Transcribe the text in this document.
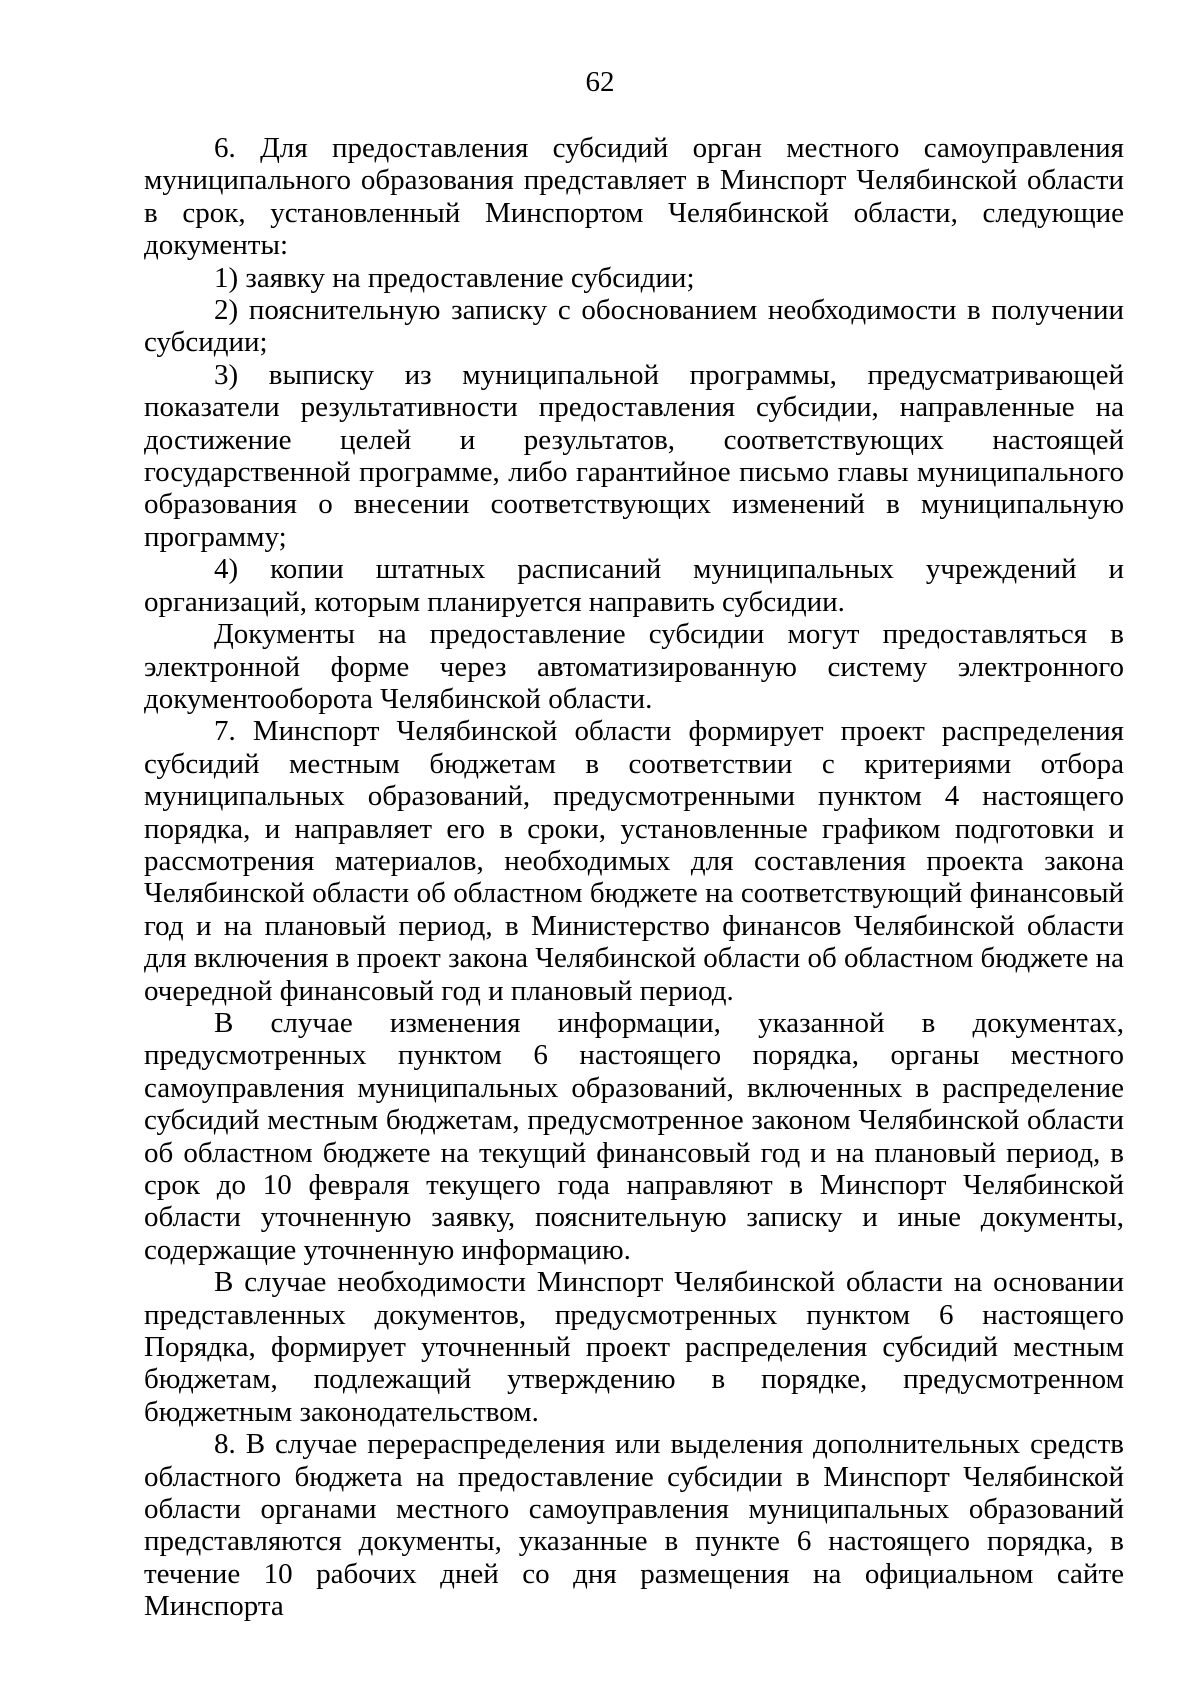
62

6. Для предоставления субсидий орган местного самоуправления муниципального образования представляет в Минспорт Челябинской области в срок, установленный Минспортом Челябинской области, следующие документы:

1) заявку на предоставление субсидии;

2) пояснительную записку с обоснованием необходимости в получении субсидии;

3) выписку из муниципальной программы, предусматривающей показатели результативности предоставления субсидии, направленные на достижение целей и результатов, соответствующих настоящей государственной программе, либо гарантийное письмо главы муниципального образования о внесении соответствующих изменений в муниципальную программу;

4) копии штатных расписаний муниципальных учреждений и организаций, которым планируется направить субсидии.

Документы на предоставление субсидии могут предоставляться в электронной форме через автоматизированную систему электронного документооборота Челябинской области.

7. Минспорт Челябинской области формирует проект распределения субсидий местным бюджетам в соответствии с критериями отбора муниципальных образований, предусмотренными пунктом 4 настоящего порядка, и направляет его в сроки, установленные графиком подготовки и рассмотрения материалов, необходимых для составления проекта закона Челябинской области об областном бюджете на соответствующий финансовый год и на плановый период, в Министерство финансов Челябинской области для включения в проект закона Челябинской области об областном бюджете на очередной финансовый год и плановый период.

В случае изменения информации, указанной в документах, предусмотренных пунктом 6 настоящего порядка, органы местного самоуправления муниципальных образований, включенных в распределение субсидий местным бюджетам, предусмотренное законом Челябинской области об областном бюджете на текущий финансовый год и на плановый период, в срок до 10 февраля текущего года направляют в Минспорт Челябинской области уточненную заявку, пояснительную записку и иные документы, содержащие уточненную информацию.

В случае необходимости Минспорт Челябинской области на основании представленных документов, предусмотренных пунктом 6 настоящего Порядка, формирует уточненный проект распределения субсидий местным бюджетам, подлежащий утверждению в порядке, предусмотренном бюджетным законодательством.

8. В случае перераспределения или выделения дополнительных средств областного бюджета на предоставление субсидии в Минспорт Челябинской области органами местного самоуправления муниципальных образований представляются документы, указанные в пункте 6 настоящего порядка, в течение 10 рабочих дней со дня размещения на официальном сайте Минспорта
